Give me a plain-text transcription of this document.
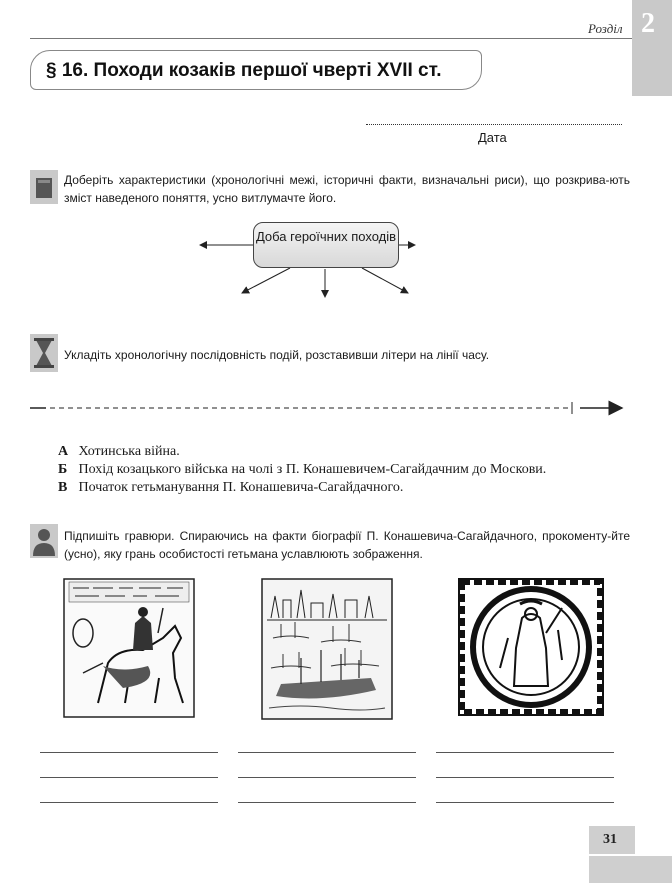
2
Розділ
§ 16. Походи козаків першої чверті XVII ст.
Дата
Доберіть характеристики (хронологічні межі, історичні факти, визначальні риси), що розкрива-ють зміст наведеного поняття, усно витлумачте його.
Доба героїчних походів
Укладіть хронологічну послідовність подій, розставивши літери на лінії часу.
А Хотинська війна.
Б Похід козацького війська на чолі з П. Конашевичем-Сагайдачним до Москови.
В Початок гетьманування П. Конашевича-Сагайдачного.
Підпишіть гравюри. Спираючись на факти біографії П. Конашевича-Сагайдачного, прокоменту-йте (усно), яку грань особистості гетьмана уславлюють зображення.
31
